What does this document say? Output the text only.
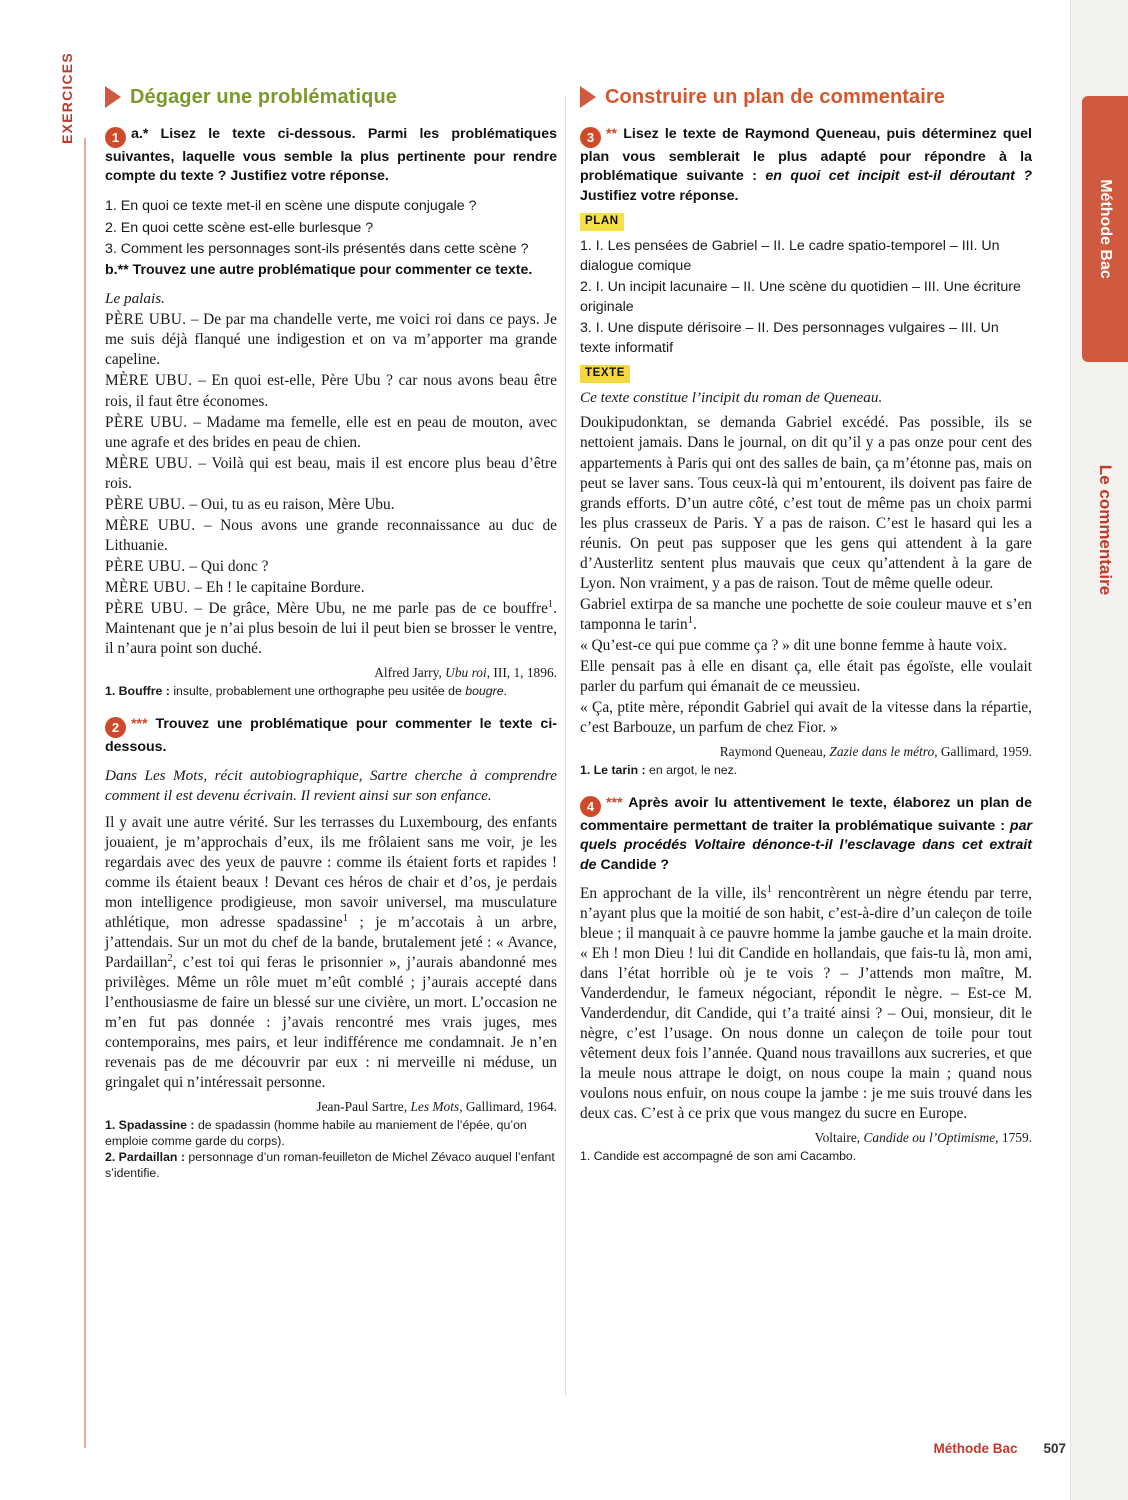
EXERCICES
Méthode Bac
Le commentaire
Dégager une problématique
1 a.* Lisez le texte ci-dessous. Parmi les problématiques suivantes, laquelle vous semble la plus pertinente pour rendre compte du texte ? Justifiez votre réponse.

1. En quoi ce texte met-il en scène une dispute conjugale ?

2. En quoi cette scène est-elle burlesque ?

3. Comment les personnages sont-ils présentés dans cette scène ?

b.** Trouvez une autre problématique pour commenter ce texte.
Le palais.

PÈRE UBU. – De par ma chandelle verte, me voici roi dans ce pays. Je me suis déjà flanqué une indigestion et on va m’apporter ma grande capeline.

MÈRE UBU. – En quoi est-elle, Père Ubu ? car nous avons beau être rois, il faut être économes.

PÈRE UBU. – Madame ma femelle, elle est en peau de mouton, avec une agrafe et des brides en peau de chien.

MÈRE UBU. – Voilà qui est beau, mais il est encore plus beau d’être rois.

PÈRE UBU. – Oui, tu as eu raison, Mère Ubu.

MÈRE UBU. – Nous avons une grande reconnaissance au duc de Lithuanie.

PÈRE UBU. – Qui donc ?

MÈRE UBU. – Eh ! le capitaine Bordure.

PÈRE UBU. – De grâce, Mère Ubu, ne me parle pas de ce bouffre$^1$. Maintenant que je n’ai plus besoin de lui il peut bien se brosser le ventre, il n’aura point son duché.

Alfred Jarry, Ubu roi, III, 1, 1896.

1. Bouffre : insulte, probablement une orthographe peu usitée de bougre.

2 *** Trouvez une problématique pour commenter le texte ci-dessous.
Dans Les Mots, récit autobiographique, Sartre cherche à comprendre comment il est devenu écrivain. Il revient ainsi sur son enfance.

Il y avait une autre vérité. Sur les terrasses du Luxembourg, des enfants jouaient, je m’approchais d’eux, ils me frôlaient sans me voir, je les regardais avec des yeux de pauvre : comme ils étaient forts et rapides ! comme ils étaient beaux ! Devant ces héros de chair et d’os, je perdais mon intelligence prodigieuse, mon savoir universel, ma musculature athlétique, mon adresse spadassine$^1$ ; je m’accotais à un arbre, j’attendais. Sur un mot du chef de la bande, brutalement jeté : « Avance, Pardaillan$^2$, c’est toi qui feras le prisonnier », j’aurais abandonné mes privilèges. Même un rôle muet m’eût comblé ; j’aurais accepté dans l’enthousiasme de faire un blessé sur une civière, un mort. L’occasion ne m’en fut pas donnée : j’avais rencontré mes vrais juges, mes contemporains, mes pairs, et leur indifférence me condamnait. Je n’en revenais pas de me découvrir par eux : ni merveille ni méduse, un gringalet qui n’intéressait personne.

Jean-Paul Sartre, Les Mots, Gallimard, 1964.

1. Spadassine : de spadassin (homme habile au maniement de l’épée, qu’on emploie comme garde du corps).

2. Pardaillan : personnage d’un roman-feuilleton de Michel Zévaco auquel l’enfant s’identifie.

Construire un plan de commentaire
3 ** Lisez le texte de Raymond Queneau, puis déterminez quel plan vous semblerait le plus adapté pour répondre à la problématique suivante : en quoi cet incipit est-il déroutant ? Justifiez votre réponse.
PLAN

1. I. Les pensées de Gabriel – II. Le cadre spatio-temporel – III. Un dialogue comique

2. I. Un incipit lacunaire – II. Une scène du quotidien – III. Une écriture originale

3. I. Une dispute dérisoire – II. Des personnages vulgaires – III. Un texte informatif

TEXTE
Ce texte constitue l’incipit du roman de Queneau.

Doukipudonktan, se demanda Gabriel excédé. Pas possible, ils se nettoient jamais. Dans le journal, on dit qu’il y a pas onze pour cent des appartements à Paris qui ont des salles de bain, ça m’étonne pas, mais on peut se laver sans. Tous ceux-là qui m’entourent, ils doivent pas faire de grands efforts. D’un autre côté, c’est tout de même pas un choix parmi les plus crasseux de Paris. Y a pas de raison. C’est le hasard qui les a réunis. On peut pas supposer que les gens qui attendent à la gare d’Austerlitz sentent plus mauvais que ceux qu’attendent à la gare de Lyon. Non vraiment, y a pas de raison. Tout de même quelle odeur.

Gabriel extirpa de sa manche une pochette de soie couleur mauve et s’en tamponna le tarin$^1$.

« Qu’est-ce qui pue comme ça ? » dit une bonne femme à haute voix.

Elle pensait pas à elle en disant ça, elle était pas égoïste, elle voulait parler du parfum qui émanait de ce meussieu.

« Ça, ptite mère, répondit Gabriel qui avait de la vitesse dans la répartie, c’est Barbouze, un parfum de chez Fior. »

Raymond Queneau, Zazie dans le métro, Gallimard, 1959.

1. Le tarin : en argot, le nez.

4 *** Après avoir lu attentivement le texte, élaborez un plan de commentaire permettant de traiter la problématique suivante : par quels procédés Voltaire dénonce-t-il l’esclavage dans cet extrait de Candide ?

En approchant de la ville, ils$^1$ rencontrèrent un nègre étendu par terre, n’ayant plus que la moitié de son habit, c’est-à-dire d’un caleçon de toile bleue ; il manquait à ce pauvre homme la jambe gauche et la main droite. « Eh ! mon Dieu ! lui dit Candide en hollandais, que fais-tu là, mon ami, dans l’état horrible où je te vois ? – J’attends mon maître, M. Vanderdendur, le fameux négociant, répondit le nègre. – Est-ce M. Vanderdendur, dit Candide, qui t’a traité ainsi ? – Oui, monsieur, dit le nègre, c’est l’usage. On nous donne un caleçon de toile pour tout vêtement deux fois l’année. Quand nous travaillons aux sucreries, et que la meule nous attrape le doigt, on nous coupe la main ; quand nous voulons nous enfuir, on nous coupe la jambe : je me suis trouvé dans les deux cas. C’est à ce prix que vous mangez du sucre en Europe.

Voltaire, Candide ou l’Optimisme, 1759.

1. Candide est accompagné de son ami Cacambo.

Méthode Bac 507
